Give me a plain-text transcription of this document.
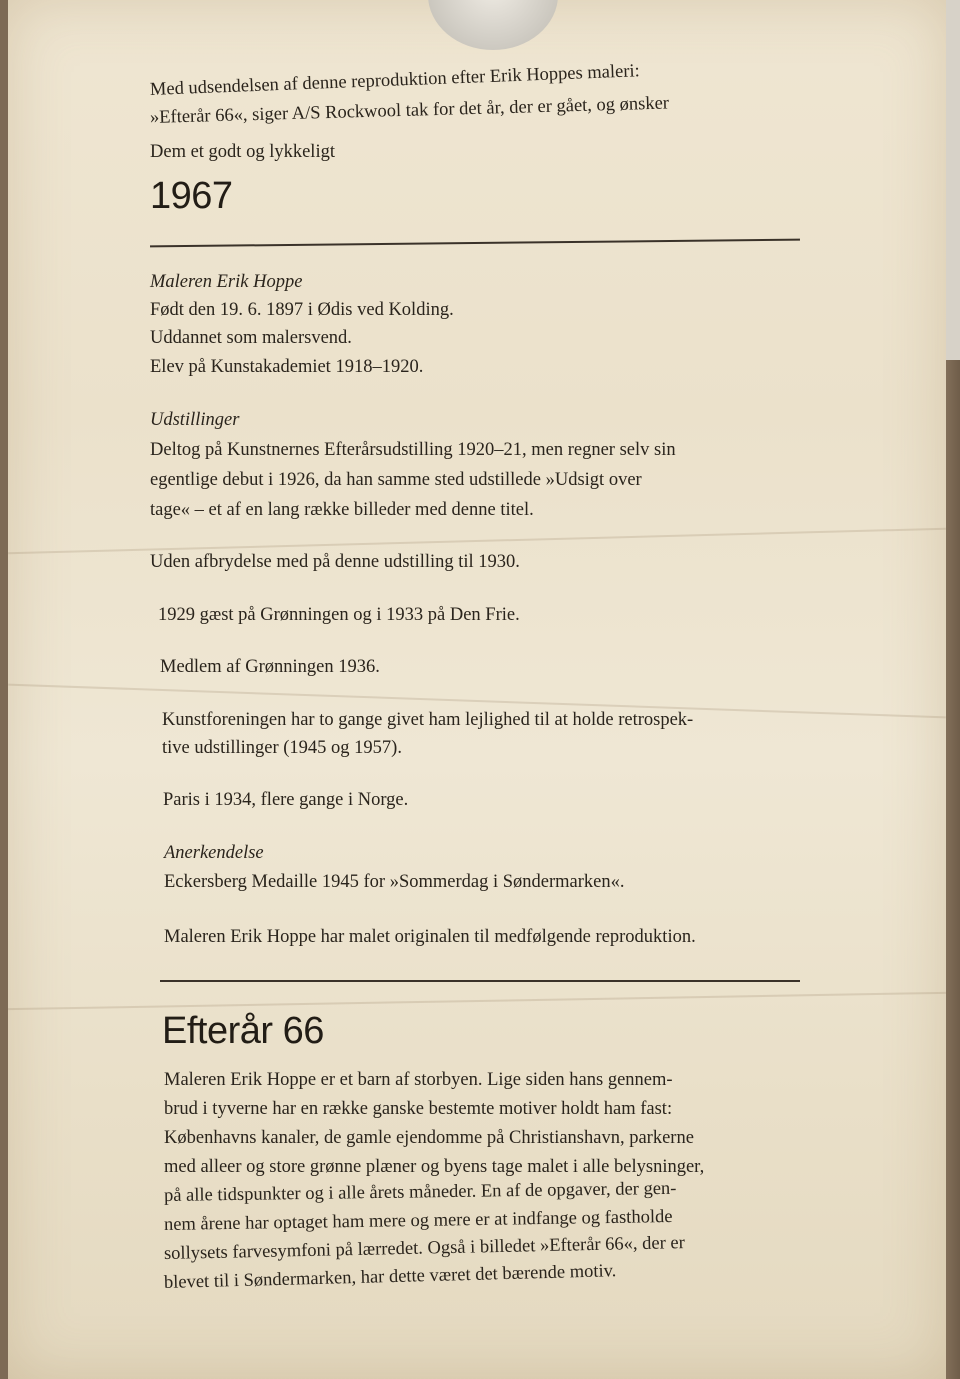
Med udsendelsen af denne reproduktion efter Erik Hoppes maleri:
»Efterår 66«, siger A/S Rockwool tak for det år, der er gået, og ønsker
Dem et godt og lykkeligt
1967
Maleren Erik Hoppe
Født den 19. 6. 1897 i Ødis ved Kolding.
Uddannet som malersvend.
Elev på Kunstakademiet 1918–1920.
Udstillinger
Deltog på Kunstnernes Efterårsudstilling 1920–21, men regner selv sin
egentlige debut i 1926, da han samme sted udstillede »Udsigt over
tage« – et af en lang række billeder med denne titel.
Uden afbrydelse med på denne udstilling til 1930.
1929 gæst på Grønningen og i 1933 på Den Frie.
Medlem af Grønningen 1936.
Kunstforeningen har to gange givet ham lejlighed til at holde retrospek-
tive udstillinger (1945 og 1957).
Paris i 1934, flere gange i Norge.
Anerkendelse
Eckersberg Medaille 1945 for »Sommerdag i Søndermarken«.
Maleren Erik Hoppe har malet originalen til medfølgende reproduktion.
Efterår 66
Maleren Erik Hoppe er et barn af storbyen. Lige siden hans gennem-
brud i tyverne har en række ganske bestemte motiver holdt ham fast:
Københavns kanaler, de gamle ejendomme på Christianshavn, parkerne
med alleer og store grønne plæner og byens tage malet i alle belysninger,
på alle tidspunkter og i alle årets måneder. En af de opgaver, der gen-
nem årene har optaget ham mere og mere er at indfange og fastholde
sollysets farvesymfoni på lærredet. Også i billedet »Efterår 66«, der er
blevet til i Søndermarken, har dette været det bærende motiv.
